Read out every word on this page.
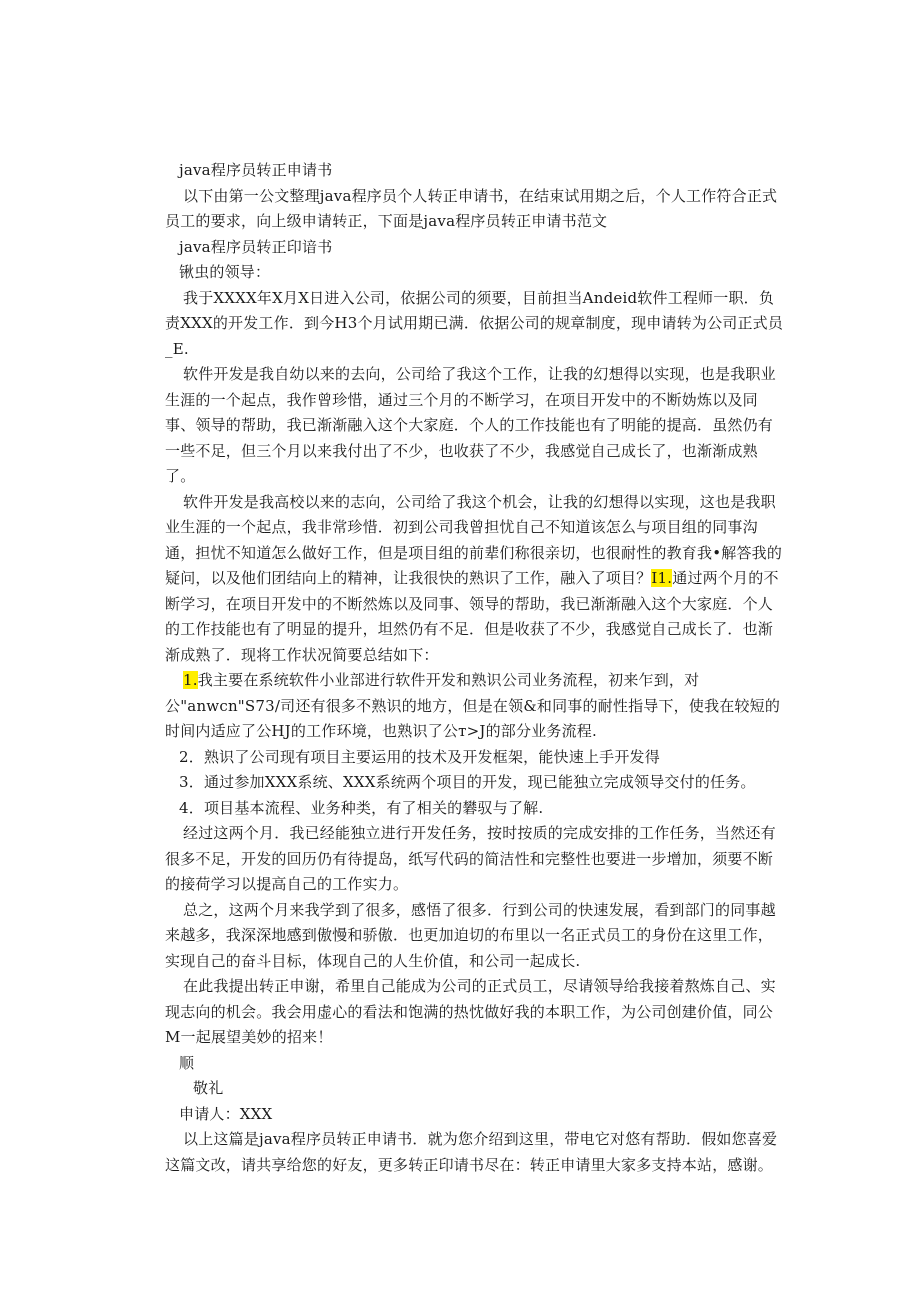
java程序员转正申请书

以下由第一公文整理java程序员个人转正申请书，在结束试用期之后，个人工作符合正式员工的要求，向上级申请转正，下面是java程序员转正申请书范文

java程序员转正印谙书

锹虫的领导：

我于XXXX年X月X日进入公司，依据公司的须要，目前担当Andeid软件工程师一职．负责XXX的开发工作．到今H3个月试用期已满．依据公司的规章制度，现申请转为公司正式员_E.

软件开发是我自幼以来的去向，公司给了我这个工作，让我的幻想得以实现，也是我职业生涯的一个起点，我作曾珍惜，通过三个月的不断学习，在项目开发中的不断妫炼以及同事、领导的帮助，我已渐渐融入这个大家庭．个人的工作技能也有了明能的提高．虽然仍有一些不足，但三个月以来我付出了不少，也收获了不少，我感觉自己成长了，也渐渐成熟了。

软件开发是我高校以来的志向，公司给了我这个机会，让我的幻想得以实现，这也是我职业生涯的一个起点，我非常珍惜．初到公司我曾担忧自己不知道该怎么与项目组的同事沟通，担忧不知道怎么做好工作，但是项目组的前辈们称很亲切，也很耐性的教育我•解答我的疑问，以及他们团结向上的精神，让我很快的熟识了工作，融入了项目？I1.通过两个月的不断学习，在项目开发中的不断然炼以及同事、领导的帮助，我已渐渐融入这个大家庭．个人的工作技能也有了明显的提升，坦然仍有不足．但是收获了不少，我感觉自己成长了．也渐渐成熟了．现将工作状况简要总结如下：

1.我主要在系统软件小业部进行软件开发和熟识公司业务流程，初来乍到，对公"anwcn"S73/司还有很多不熟识的地方，但是在领&和同事的耐性指导下，使我在较短的时间内适应了公HJ的工作环境，也熟识了公т>J的部分业务流程.

2．熟识了公司现有项目主要运用的技术及开发框架，能快速上手开发得

3．通过参加XXX系统、XXX系统两个项目的开发，现已能独立完成领导交付的任务。

4．项目基本流程、业务种类，有了相关的礬驭与了解.

经过这两个月．我已经能独立进行开发任务，按时按质的完成安排的工作任务，当然还有很多不足，开发的回历仍有待提岛，纸写代码的简洁性和完整性也要进一步增加，须要不断的接荷学习以提高自己的工作实力。

总之，这两个月来我学到了很多，感悟了很多．行到公司的快速发展，看到部门的同事越来越多，我深深地感到傲慢和骄傲．也更加迫切的布里以一名正式员工的身份在这里工作，实现自己的奋斗目标，体现自己的人生价值，和公司一起成长.

在此我提出转正申谢，希里自己能成为公司的正式员工，尽请领导给我接着熬炼自己、实现志向的机会。我会用虚心的看法和饱满的热忱做好我的本职工作，为公司创建价值，同公M一起展望美妙的招来！

顺

敬礼

申请人：XXX

以上这篇是java程序员转正申请书．就为您介绍到这里，带电它对悠有帮助．假如您喜爱这篇文改，请共享给您的好友，更多转正印请书尽在：转正申请里大家多支持本站，感谢。
